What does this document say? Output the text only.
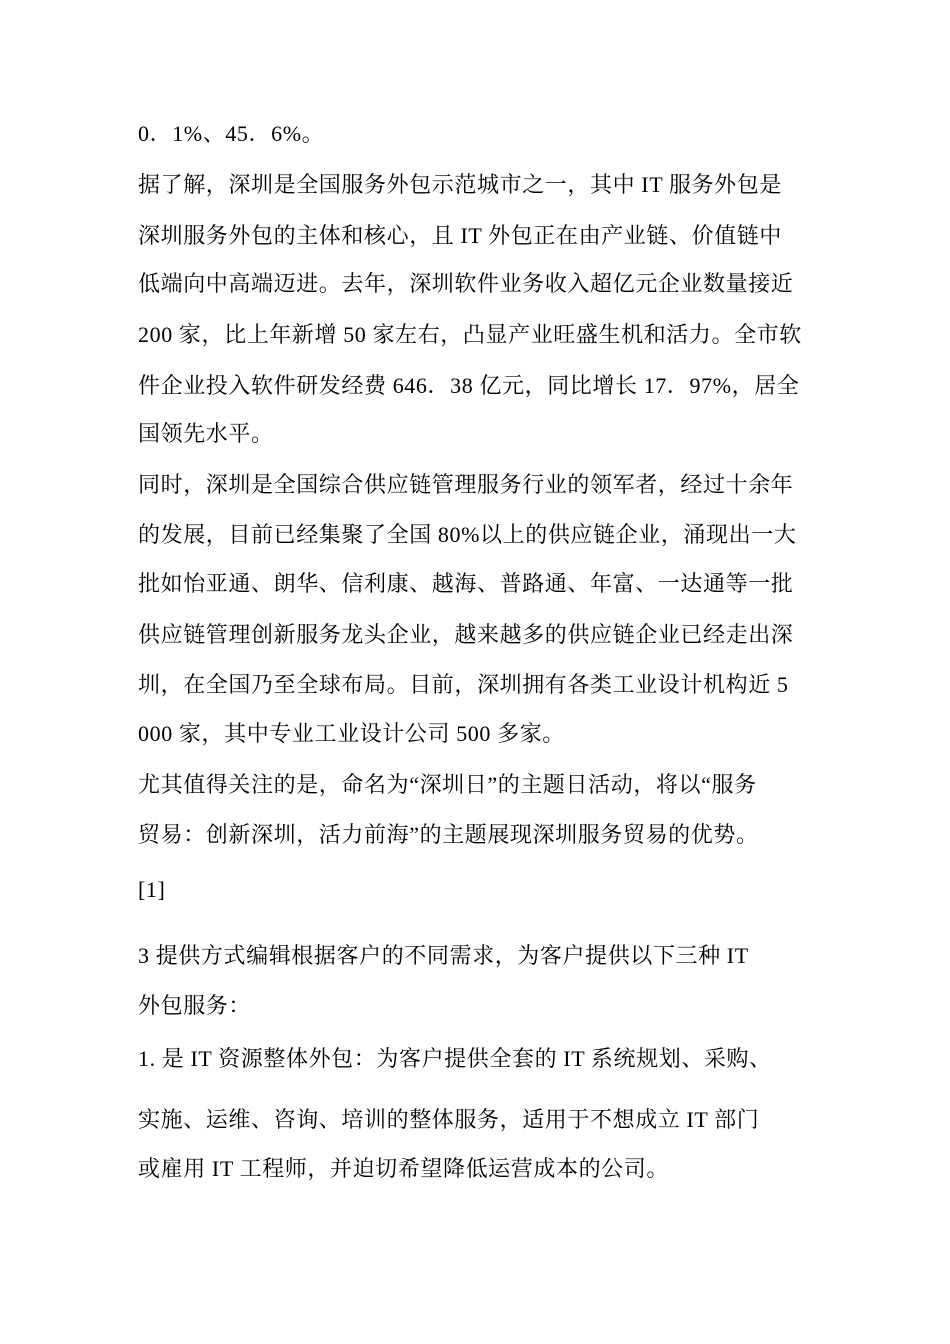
0．1%、45．6%。
据了解，深圳是全国服务外包示范城市之一，其中 IT 服务外包是
深圳服务外包的主体和核心，且 IT 外包正在由产业链、价值链中
低端向中高端迈进。去年，深圳软件业务收入超亿元企业数量接近
200 家，比上年新增 50 家左右，凸显产业旺盛生机和活力。全市软
件企业投入软件研发经费 646．38 亿元，同比增长 17．97%，居全
国领先水平。
同时，深圳是全国综合供应链管理服务行业的领军者，经过十余年
的发展，目前已经集聚了全国 80%以上的供应链企业，涌现出一大
批如怡亚通、朗华、信利康、越海、普路通、年富、一达通等一批
供应链管理创新服务龙头企业，越来越多的供应链企业已经走出深
圳，在全国乃至全球布局。目前，深圳拥有各类工业设计机构近 5
000 家，其中专业工业设计公司 500 多家。
尤其值得关注的是，命名为“深圳日”的主题日活动，将以“服务
贸易：创新深圳，活力前海”的主题展现深圳服务贸易的优势。
[1]
3 提供方式编辑根据客户的不同需求，为客户提供以下三种 IT
外包服务：
1. 是 IT 资源整体外包：为客户提供全套的 IT 系统规划、采购、
实施、运维、咨询、培训的整体服务，适用于不想成立 IT 部门
或雇用 IT 工程师，并迫切希望降低运营成本的公司。
